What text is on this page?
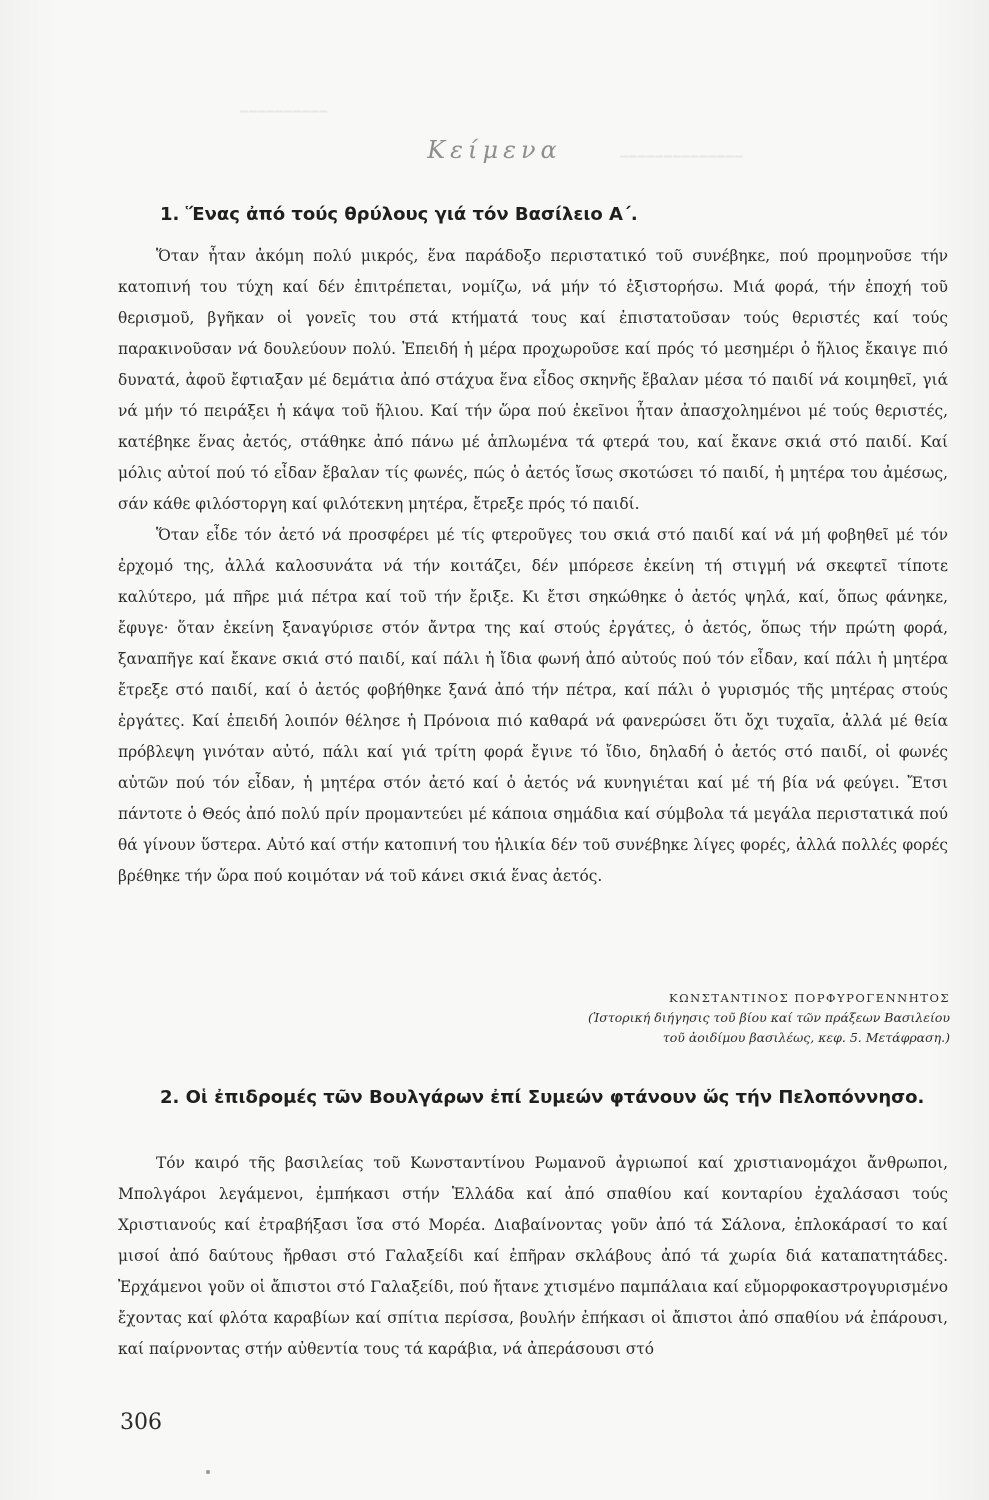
━━━━━━━━━━
━━━━━━━━━━━━━━
Κείμενα
1. Ἕνας ἀπό τούς θρύλους γιά τόν Βασίλειο Α΄.

Ὅταν ἦταν ἀκόμη πολύ μικρός, ἕνα παράδοξο περιστατικό τοῦ συνέβηκε, πού προμηνοῦσε τήν κατοπινή του τύχη καί δέν ἐπιτρέπεται, νομίζω, νά μήν τό ἐξιστορήσω. Μιά φορά, τήν ἐποχή τοῦ θερισμοῦ, βγῆκαν οἱ γονεῖς του στά κτήματά τους καί ἐπιστατοῦσαν τούς θεριστές καί τούς παρακινοῦσαν νά δουλεύουν πολύ. Ἐπειδή ἡ μέρα προχωροῦσε καί πρός τό μεσημέρι ὁ ἥλιος ἔκαιγε πιό δυνατά, ἀφοῦ ἔφτιαξαν μέ δεμάτια ἀπό στάχυα ἕνα εἶδος σκηνῆς ἔβαλαν μέσα τό παιδί νά κοιμηθεῖ, γιά νά μήν τό πειράξει ἡ κάψα τοῦ ἥλιου. Καί τήν ὥρα πού ἐκεῖνοι ἦταν ἀπασχολημένοι μέ τούς θεριστές, κατέβηκε ἕνας ἀετός, στάθηκε ἀπό πάνω μέ ἁπλωμένα τά φτερά του, καί ἔκανε σκιά στό παιδί. Καί μόλις αὐτοί πού τό εἶδαν ἔβαλαν τίς φωνές, πώς ὁ ἀετός ἴσως σκοτώσει τό παιδί, ἡ μητέρα του ἀμέσως, σάν κάθε φιλόστοργη καί φιλότεκνη μητέρα, ἔτρεξε πρός τό παιδί.

Ὅταν εἶδε τόν ἀετό νά προσφέρει μέ τίς φτεροῦγες του σκιά στό παιδί καί νά μή φοβηθεῖ μέ τόν ἐρχομό της, ἀλλά καλοσυνάτα νά τήν κοιτάζει, δέν μπόρεσε ἐκείνη τή στιγμή νά σκεφτεῖ τίποτε καλύτερο, μά πῆρε μιά πέτρα καί τοῦ τήν ἔριξε. Κι ἔτσι σηκώθηκε ὁ ἀετός ψηλά, καί, ὅπως φάνηκε, ἔφυγε· ὅταν ἐκείνη ξαναγύρισε στόν ἄντρα της καί στούς ἐργάτες, ὁ ἀετός, ὅπως τήν πρώτη φορά, ξαναπῆγε καί ἔκανε σκιά στό παιδί, καί πάλι ἡ ἴδια φωνή ἀπό αὐτούς πού τόν εἶδαν, καί πάλι ἡ μητέρα ἔτρεξε στό παιδί, καί ὁ ἀετός φοβήθηκε ξανά ἀπό τήν πέτρα, καί πάλι ὁ γυρισμός τῆς μητέρας στούς ἐργάτες. Καί ἐπειδή λοιπόν θέλησε ἡ Πρόνοια πιό καθαρά νά φανερώσει ὅτι ὄχι τυχαῖα, ἀλλά μέ θεία πρόβλεψη γινόταν αὐτό, πάλι καί γιά τρίτη φορά ἔγινε τό ἴδιο, δηλαδή ὁ ἀετός στό παιδί, οἱ φωνές αὐτῶν πού τόν εἶδαν, ἡ μητέρα στόν ἀετό καί ὁ ἀετός νά κυνηγιέται καί μέ τή βία νά φεύγει. Ἔτσι πάντοτε ὁ Θεός ἀπό πολύ πρίν προμαντεύει μέ κάποια σημάδια καί σύμβολα τά μεγάλα περιστατικά πού θά γίνουν ὕστερα. Αὐτό καί στήν κατοπινή του ἡλικία δέν τοῦ συνέβηκε λίγες φορές, ἀλλά πολλές φορές βρέθηκε τήν ὥρα πού κοιμόταν νά τοῦ κάνει σκιά ἕνας ἀετός.

ΚΩΝΣΤΑΝΤΙΝΟΣ ΠΟΡΦΥΡΟΓΕΝΝΗΤΟΣ
(Ἱστορική διήγησις τοῦ βίου καί τῶν πράξεων Βασιλείου
τοῦ ἀοιδίμου βασιλέως, κεφ. 5. Μετάφραση.)
2. Οἱ ἐπιδρομές τῶν Βουλγάρων ἐπί Συμεών φτάνουν ὥς τήν Πελοπόννησο.

Τόν καιρό τῆς βασιλείας τοῦ Κωνσταντίνου Ρωμανοῦ ἀγριωποί καί χριστιανομάχοι ἄνθρωποι, Μπολγάροι λεγάμενοι, ἐμπήκασι στήν Ἑλλάδα καί ἀπό σπαθίου καί κονταρίου ἐχαλάσασι τούς Χριστιανούς καί ἐτραβήξασι ἴσα στό Μορέα. Διαβαίνοντας γοῦν ἀπό τά Σάλονα, ἐπλοκάρασί το καί μισοί ἀπό δαύτους ἤρθασι στό Γαλαξείδι καί ἐπῆραν σκλάβους ἀπό τά χωρία διά καταπατητάδες. Ἐρχάμενοι γοῦν οἱ ἄπιστοι στό Γαλαξείδι, πού ἤτανε χτισμένο παμπάλαια καί εὔμορφοκαστρογυρισμένο ἔχοντας καί φλότα καραβίων καί σπίτια περίσσα, βουλήν ἐπήκασι οἱ ἄπιστοι ἀπό σπαθίου νά ἐπάρουσι, καί παίρνοντας στήν αὐθεντία τους τά καράβια, νά ἀπεράσουσι στό

306
